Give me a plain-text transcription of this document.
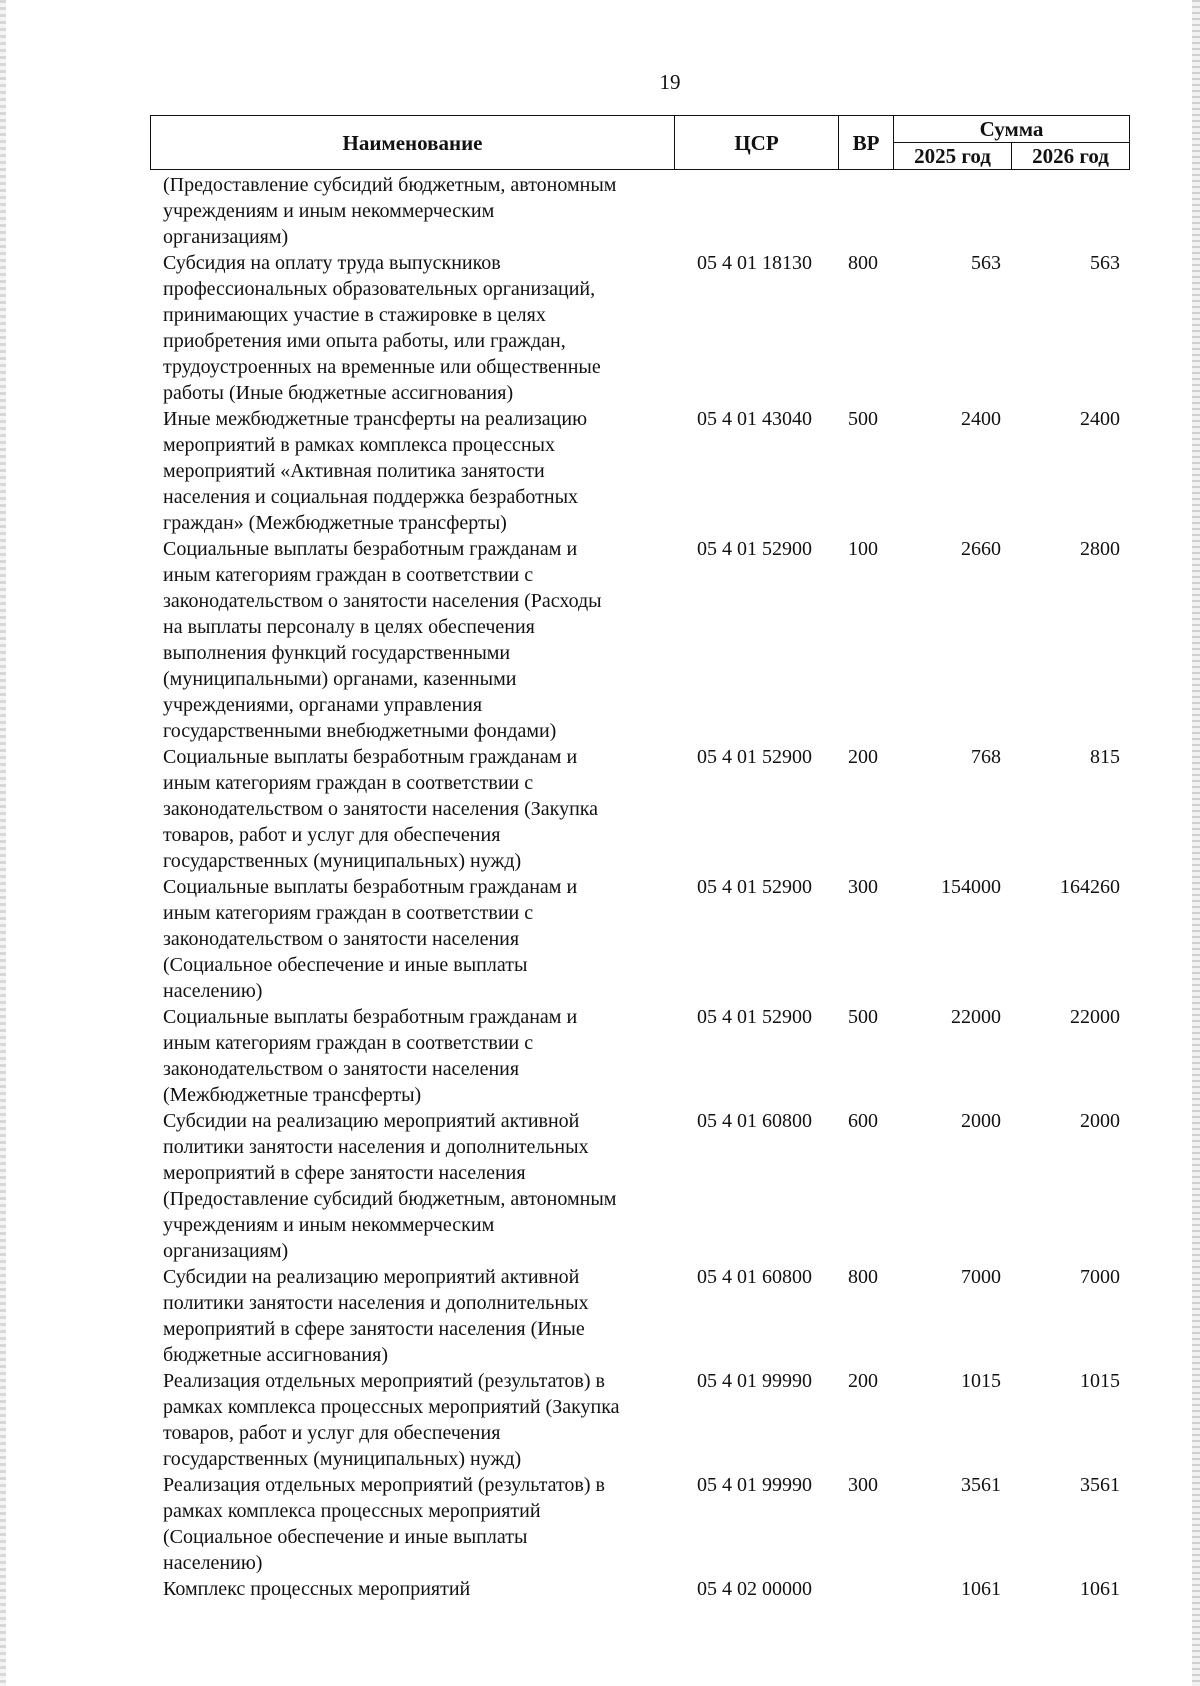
19
Наименование	ЦСР	ВР	Сумма	
			2025 год	2026 год
(Предоставление субсидий бюджетным, автономным
учреждениям и иным некоммерческим
организациям)
Субсидия на оплату труда выпускников
профессиональных образовательных организаций,
принимающих участие в стажировке в целях
приобретения ими опыта работы, или граждан,
трудоустроенных на временные или общественные
работы (Иные бюджетные ассигнования)
05 4 01 18130	800	563	563
Иные межбюджетные трансферты на реализацию
мероприятий в рамках комплекса процессных
мероприятий «Активная политика занятости
населения и социальная поддержка безработных
граждан» (Межбюджетные трансферты)
05 4 01 43040	500	2400	2400
Социальные выплаты безработным гражданам и
иным категориям граждан в соответствии с
законодательством о занятости населения (Расходы
на выплаты персоналу в целях обеспечения
выполнения функций государственными
(муниципальными) органами, казенными
учреждениями, органами управления
государственными внебюджетными фондами)
05 4 01 52900	100	2660	2800
Социальные выплаты безработным гражданам и
иным категориям граждан в соответствии с
законодательством о занятости населения (Закупка
товаров, работ и услуг для обеспечения
государственных (муниципальных) нужд)
05 4 01 52900	200	768	815
Социальные выплаты безработным гражданам и
иным категориям граждан в соответствии с
законодательством о занятости населения
(Социальное обеспечение и иные выплаты
населению)
05 4 01 52900	300	154000	164260
Социальные выплаты безработным гражданам и
иным категориям граждан в соответствии с
законодательством о занятости населения
(Межбюджетные трансферты)
05 4 01 52900	500	22000	22000
Субсидии на реализацию мероприятий активной
политики занятости населения и дополнительных
мероприятий в сфере занятости населения
(Предоставление субсидий бюджетным, автономным
учреждениям и иным некоммерческим
организациям)
05 4 01 60800	600	2000	2000
Субсидии на реализацию мероприятий активной
политики занятости населения и дополнительных
мероприятий в сфере занятости населения (Иные
бюджетные ассигнования)
05 4 01 60800	800	7000	7000
Реализация отдельных мероприятий (результатов) в
рамках комплекса процессных мероприятий (Закупка
товаров, работ и услуг для обеспечения
государственных (муниципальных) нужд)
05 4 01 99990	200	1015	1015
Реализация отдельных мероприятий (результатов) в
рамках комплекса процессных мероприятий
(Социальное обеспечение и иные выплаты
населению)
05 4 01 99990	300	3561	3561
Комплекс процессных мероприятий	05 4 02 00000	1061	1061
